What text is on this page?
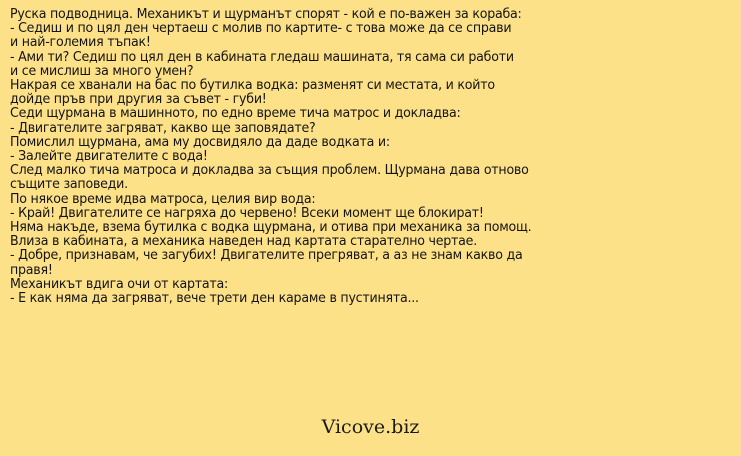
Руска подводница. Механикът и щурманът спорят - кой е по-важен за кораба:
- Седиш и по цял ден чертаеш с молив по картите- с това може да се справи
и най-големия тъпак!
- Ами ти? Седиш по цял ден в кабината гледаш машината, тя сама си работи
и се мислиш за много умен?
Накрая се хванали на бас по бутилка водка: разменят си местата, и който
дойде пръв при другия за съвет - губи!
Седи щурмана в машинното, по едно време тича матрос и докладва:
- Двигателите загряват, какво ще заповядате?
Помислил щурмана, ама му досвидяло да даде водката и:
- Залейте двигателите с вода!
След малко тича матроса и докладва за същия проблем. Щурмана дава отново
същите заповеди.
По някое време идва матроса, целия вир вода:
- Край! Двигателите се нагряха до червено! Всеки момент ще блокират!
Няма накъде, взема бутилка с водка щурмана, и отива при механика за помощ.
Влиза в кабината, а механика наведен над картата старателно чертае.
- Добре, признавам, че загубих! Двигателите прегряват, а аз не знам какво да
правя!
Механикът вдига очи от картата:
- Е как няма да загряват, вече трети ден караме в пустинята...

Vicove.biz
